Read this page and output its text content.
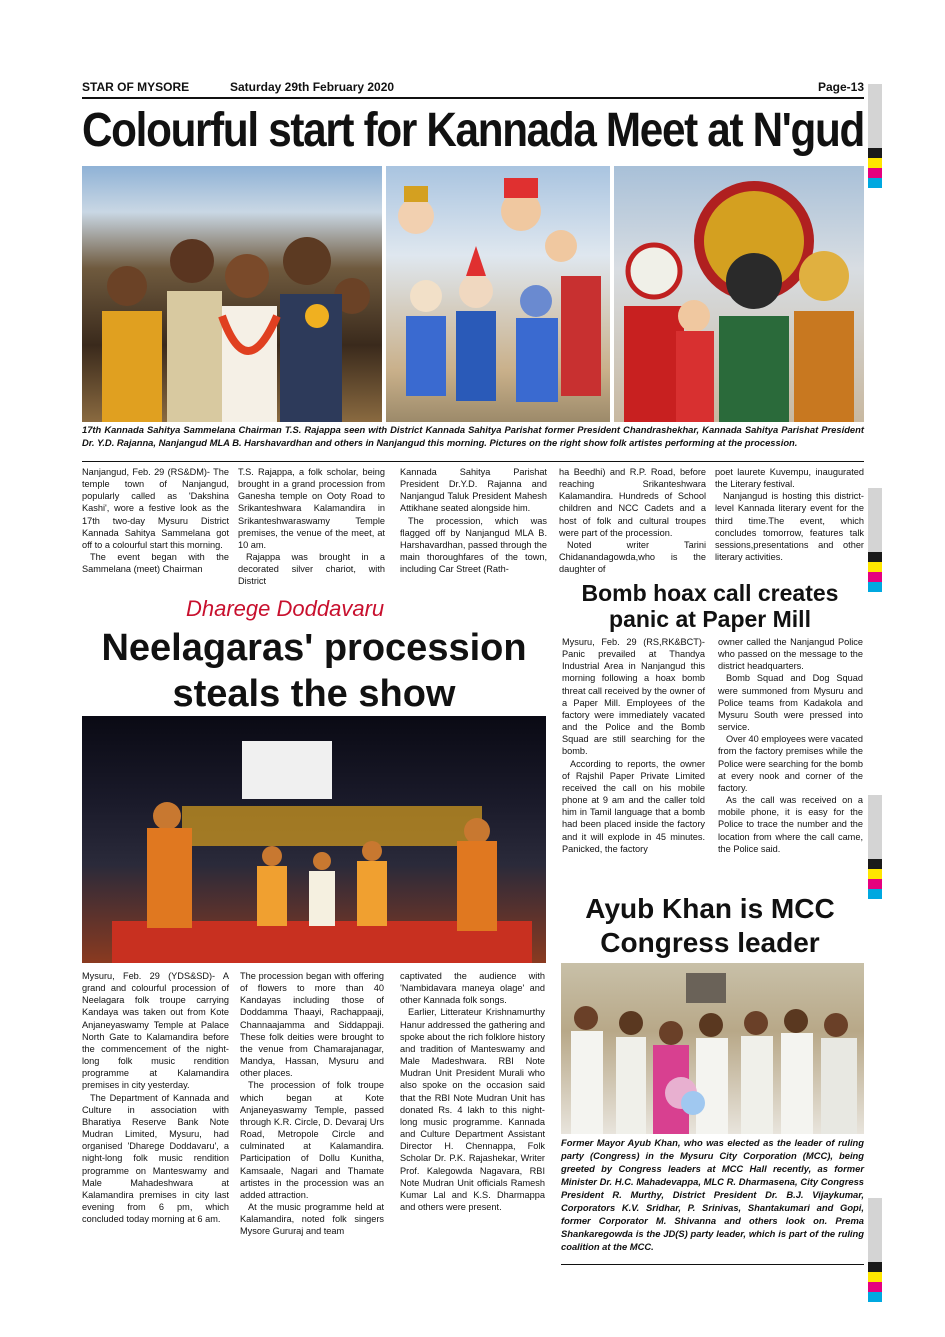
STAR OF MYSORE	Saturday 29th February 2020	Page-13
Colourful start for Kannada Meet at N'gud
17th Kannada Sahitya Sammelana Chairman T.S. Rajappa seen with District Kannada Sahitya Parishat former President Chandrashekhar, Kannada Sahitya Parishat President Dr. Y.D. Rajanna, Nanjangud MLA B. Harshavardhan and others in Nanjangud this morning. Pictures on the right show folk artistes performing at the procession.

Nanjangud, Feb. 29 (RS&DM)- The temple town of Nanjangud, popularly called as 'Dakshina Kashi', wore a festive look as the 17th two-day Mysuru District Kannada Sahitya Sammelana got off to a colourful start this morning.

The event began with the Sammelana (meet) Chairman

T.S. Rajappa, a folk scholar, being brought in a grand procession from Ganesha temple on Ooty Road to Srikanteshwara Kalamandira in Srikanteshwaraswamy Temple premises, the venue of the meet, at 10 am.

Rajappa was brought in a decorated silver chariot, with District

Kannada Sahitya Parishat President Dr.Y.D. Rajanna and Nanjangud Taluk President Mahesh Attikhane seated alongside him.

The procession, which was flagged off by Nanjangud MLA B. Harshavardhan, passed through the main thoroughfares of the town, including Car Street (Rath-

ha Beedhi) and R.P. Road, before reaching Srikanteshwara Kalamandira. Hundreds of School children and NCC Cadets and a host of folk and cultural troupes were part of the procession.

Noted writer Tarini Chidanandagowda,who is the daughter of

poet laurete Kuvempu, inaugurated the Literary festival.

Nanjangud is hosting this district-level Kannada literary event for the third time.The event, which concludes tomorrow, features talk sessions,presentations and other literary activities.

Dharege Doddavaru
Neelagaras' procession
steals the show

Mysuru, Feb. 29 (YDS&SD)- A grand and colourful procession of Neelagara folk troupe carrying Kandaya was taken out from Kote Anjaneyaswamy Temple at Palace North Gate to Kalamandira before the commencement of the night-long folk music rendition programme at Kalamandira premises in city yesterday.

The Department of Kannada and Culture in association with Bharatiya Reserve Bank Note Mudran Limited, Mysuru, had organised 'Dharege Doddavaru', a night-long folk music rendition programme on Manteswamy and Male Mahadeshwara at Kalamandira premises in city last evening from 6 pm, which concluded today morning at 6 am.

The procession began with offering of flowers to more than 40 Kandayas including those of Doddamma Thaayi, Rachappaaji, Channaajamma and Siddappaji. These folk deities were brought to the venue from Chamarajanagar, Mandya, Hassan, Mysuru and other places.

The procession of folk troupe which began at Kote Anjaneyaswamy Temple, passed through K.R. Circle, D. Devaraj Urs Road, Metropole Circle and culminated at Kalamandira. Participation of Dollu Kunitha, Kamsaale, Nagari and Thamate artistes in the procession was an added attraction.

At the music programme held at Kalamandira, noted folk singers Mysore Gururaj and team

captivated the audience with 'Nambidavara maneya olage' and other Kannada folk songs.

Earlier, Litterateur Krishnamurthy Hanur addressed the gathering and spoke about the rich folklore history and tradition of Manteswamy and Male Madeshwara. RBI Note Mudran Unit President Murali who also spoke on the occasion said that the RBI Note Mudran Unit has donated Rs. 4 lakh to this night-long music programme. Kannada and Culture Department Assistant Director H. Chennappa, Folk Scholar Dr. P.K. Rajashekar, Writer Prof. Kalegowda Nagavara, RBI Note Mudran Unit officials Ramesh Kumar Lal and K.S. Dharmappa and others were present.

Bomb hoax call creates
panic at Paper Mill

Mysuru, Feb. 29 (RS,RK&BCT)- Panic prevailed at Thandya Industrial Area in Nanjangud this morning following a hoax bomb threat call received by the owner of a Paper Mill. Employees of the factory were immediately vacated and the Police and the Bomb Squad are still searching for the bomb.

According to reports, the owner of Rajshil Paper Private Limited received the call on his mobile phone at 9 am and the caller told him in Tamil language that a bomb had been placed inside the factory and it will explode in 45 minutes. Panicked, the factory

owner called the Nanjangud Police who passed on the message to the district headquarters.

Bomb Squad and Dog Squad were summoned from Mysuru and Police teams from Kadakola and Mysuru South were pressed into service.

Over 40 employees were vacated from the factory premises while the Police were searching for the bomb at every nook and corner of the factory.

As the call was received on a mobile phone, it is easy for the Police to trace the number and the location from where the call came, the Police said.

Ayub Khan is MCC
Congress leader
Former Mayor Ayub Khan, who was elected as the leader of ruling party (Congress) in the Mysuru City Corporation (MCC), being greeted by Congress leaders at MCC Hall recently, as former Minister Dr. H.C. Mahadevappa, MLC R. Dharmasena, City Congress President R. Murthy, District President Dr. B.J. Vijaykumar, Corporators K.V. Sridhar, P. Srinivas, Shantakumari and Gopi, former Corporator M. Shivanna and others look on. Prema Shankaregowda is the JD(S) party leader, which is part of the ruling coalition at the MCC.
